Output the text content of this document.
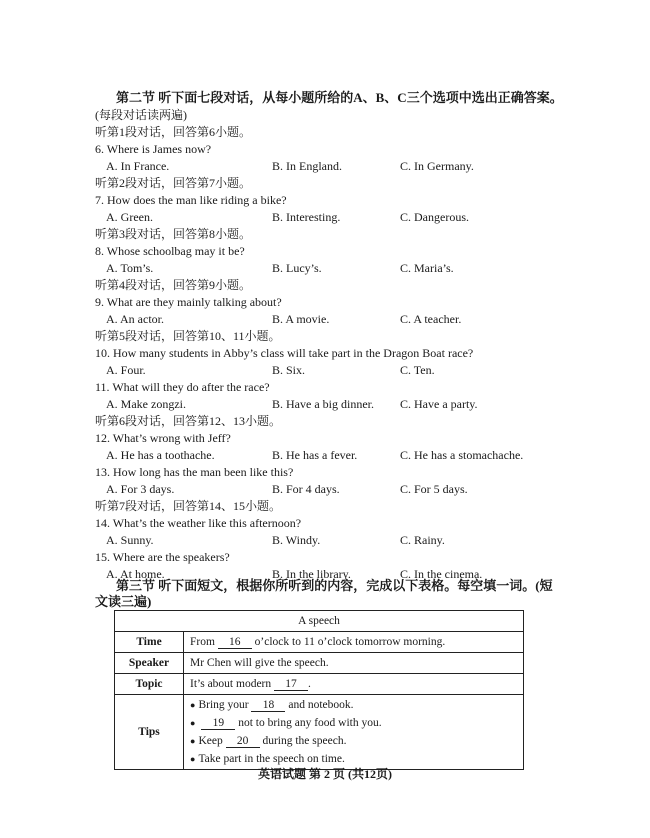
第二节 听下面七段对话，从每小题所给的A、B、C三个选项中选出正确答案。
(每段对话读两遍)
听第1段对话，回答第6小题。
6. Where is James now?
A. In France.	B. In England.	C. In Germany.
听第2段对话，回答第7小题。
7. How does the man like riding a bike?
A. Green.	B. Interesting.	C. Dangerous.
听第3段对话，回答第8小题。
8. Whose schoolbag may it be?
A. Tom’s.	B. Lucy’s.	C. Maria’s.
听第4段对话，回答第9小题。
9. What are they mainly talking about?
A. An actor.	B. A movie.	C. A teacher.
听第5段对话，回答第10、11小题。
10. How many students in Abby’s class will take part in the Dragon Boat race?
A. Four.	B. Six.	C. Ten.
11. What will they do after the race?
A. Make zongzi.	B. Have a big dinner. C. Have a party.
听第6段对话，回答第12、13小题。
12. What’s wrong with Jeff?
A. He has a toothache.	B. He has a fever.	C. He has a stomachache.
13. How long has the man been like this?
A. For 3 days.	B. For 4 days.	C. For 5 days.
听第7段对话，回答第14、15小题。
14. What’s the weather like this afternoon?
A. Sunny.	B. Windy.	C. Rainy.
15. Where are the speakers?
A. At home.	B. In the library.	C. In the cinema.
第三节 听下面短文，根据你所听到的内容，完成以下表格。每空填一词。(短
文读三遍)
A speech	
Time	From 16 o’clock to 11 o’clock tomorrow morning.
Speaker	Mr Chen will give the speech.
Topic	It’s about modern 17 .
Tips	● Bring your 18 and notebook.
● 19 not to bring any food with you.
● Keep 20 during the speech.
● Take part in the speech on time.
英语试题 第 2 页 (共12页)
